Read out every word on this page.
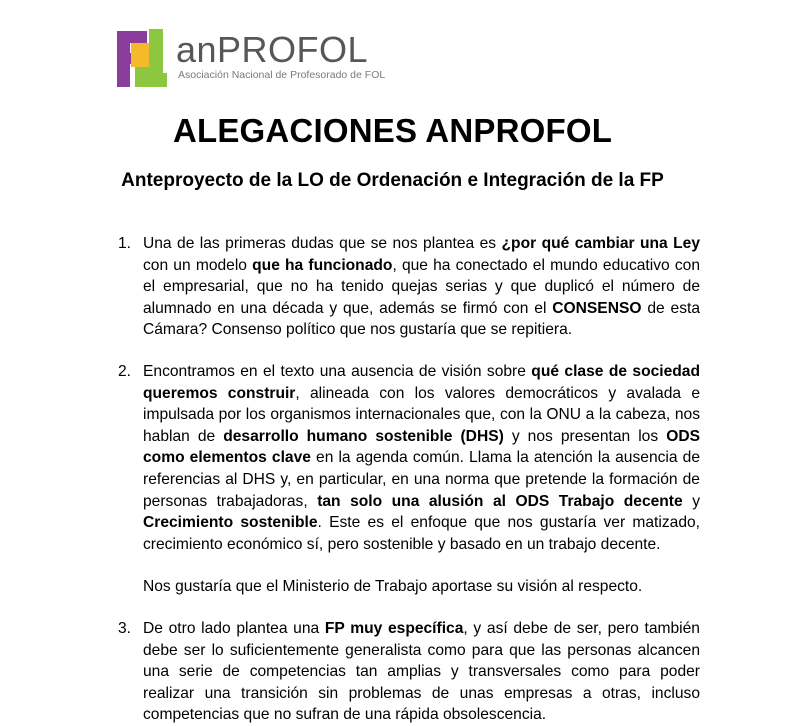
anPROFOL
Asociación Nacional de Profesorado de FOL
ALEGACIONES ANPROFOL
Anteproyecto de la LO de Ordenación e Integración de la FP
1. Una de las primeras dudas que se nos plantea es ¿por qué cambiar una Ley con un modelo que ha funcionado, que ha conectado el mundo educativo con el empresarial, que no ha tenido quejas serias y que duplicó el número de alumnado en una década y que, además se firmó con el CONSENSO de esta Cámara? Consenso político que nos gustaría que se repitiera.

2. Encontramos en el texto una ausencia de visión sobre qué clase de sociedad queremos construir, alineada con los valores democráticos y avalada e impulsada por los organismos internacionales que, con la ONU a la cabeza, nos hablan de desarrollo humano sostenible (DHS) y nos presentan los ODS como elementos clave en la agenda común. Llama la atención la ausencia de referencias al DHS y, en particular, en una norma que pretende la formación de personas trabajadoras, tan solo una alusión al ODS Trabajo decente y Crecimiento sostenible. Este es el enfoque que nos gustaría ver matizado, crecimiento económico sí, pero sostenible y basado en un trabajo decente.

Nos gustaría que el Ministerio de Trabajo aportase su visión al respecto.

3. De otro lado plantea una FP muy específica, y así debe de ser, pero también debe ser lo suficientemente generalista como para que las personas alcancen una serie de competencias tan amplias y transversales como para poder realizar una transición sin problemas de unas empresas a otras, incluso competencias que no sufran de una rápida obsolescencia.
